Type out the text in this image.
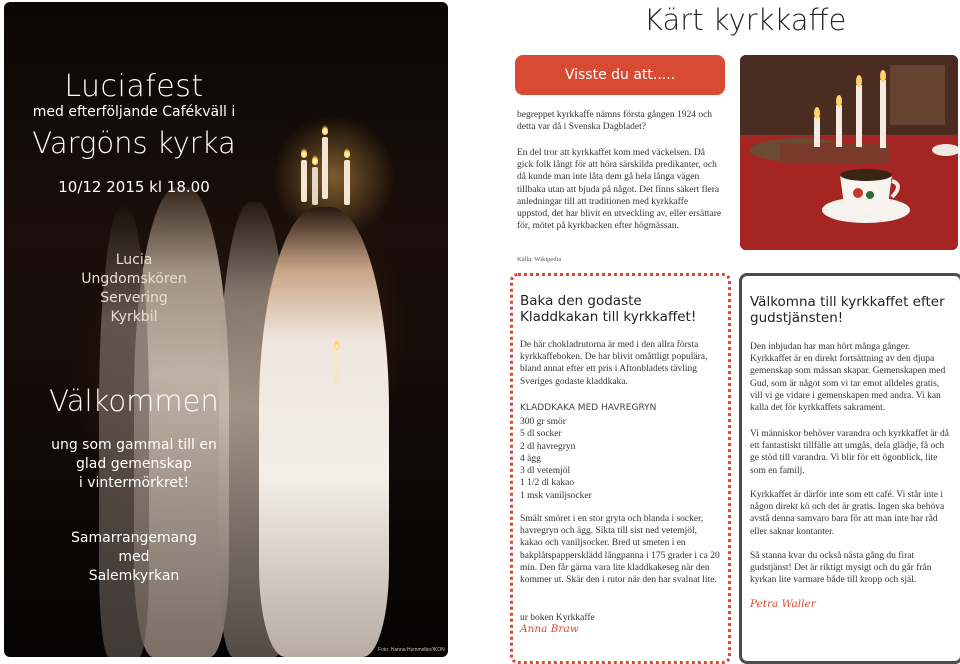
Luciafest
med efterföljande Cafékväll i
Vargöns kyrka
10/12 2015 kl 18.00
Lucia
Ungdomskören
Servering
Kyrkbil
Välkommen
ung som gammal till en
glad gemenskap
i vintermörkret!
Samarrangemang
med
Salemkyrkan
Foto: Hanna Hummelbo/IKON
Kärt kyrkkaffe
Visste du att.....
begreppet kyrkkaffe nämns första gången 1924 och detta var då i Svenska Dagbladet?
En del tror att kyrkkaffet kom med väckelsen. Då gick folk långt för att höra särskilda predikanter, och då kunde man inte låta dem gå hela långa vägen tillbaka utan att bjuda på något. Det finns säkert flera anledningar till att traditionen med kyrkkaffe uppstod, det har blivit en utveckling av, eller ersättare för, mötet på kyrkbacken efter högmässan.
Källa: Wikipedia
Baka den godaste Kladdkakan till kyrkkaffet!
De här chokladrutorna är med i den allra första kyrkkaffeboken. De har blivit omåttligt populära, bland annat efter ett pris i Aftonbladets tävling Sveriges godaste kladdkaka.
KLADDKAKA MED HAVREGRYN
300 gr smör
5 dl socker
2 dl havregryn
4 ägg
3 dl vetemjöl
1 1/2 dl kakao
1 msk vaniljsocker
Smält smöret i en stor gryta och blanda i socker, havregryn och ägg. Sikta till sist ned vetemjöl, kakao och vaniljsocker. Bred ut smeten i en bakplåtspappersklädd långpanna i 175 grader i ca 20 min. Den får gärna vara lite kladdkakeseg när den kommer ut. Skär den i rutor när den har svalnat lite.
ur boken Kyrkkaffe
Anna Braw
Välkomna till kyrkkaffet efter gudstjänsten!
Den inbjudan har man hört många gånger. Kyrkkaffet är en direkt fortsättning av den djupa gemenskap som mässan skapar. Gemenskapen med Gud, som är något som vi tar emot alldeles gratis, vill vi ge vidare i gemenskapen med andra. Vi kan kalla det för kyrkkaffets sakrament.
Vi människor behöver varandra och kyrkkaffet är då ett fantastiskt tillfälle att umgås, dela glädje, få och ge stöd till varandra. Vi blir för ett ögonblick, lite som en familj.
Kyrkkaffet är därför inte som ett café. Vi står inte i någon direkt kö och det är gratis. Ingen ska behöva avstå denna samvaro bara för att man inte har råd eller saknar kontanter.
Så stanna kvar du också nästa gång du firat gudstjänst! Det är riktigt mysigt och du går från kyrkan lite varmare både till kropp och själ.
Petra Waller
